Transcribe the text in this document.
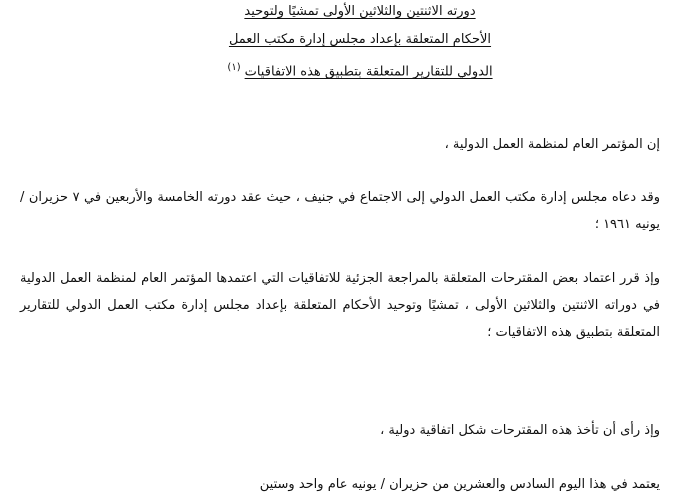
دورته الاثنتين والثلاثين الأولى تمشيًا ولتوحيد
الأحكام المتعلقة بإعداد مجلس إدارة مكتب العمل
الدولي للتقارير المتعلقة بتطبيق هذه الاتفاقيات$^{(١)}$

إن المؤتمر العام لمنظمة العمل الدولية ،

وقد دعاه مجلس إدارة مكتب العمل الدولي إلى الاجتماع في جنيف ، حيث عقد دورته الخامسة والأربعين في ٧ حزيران / يونيه ١٩٦١ ؛

وإذ قرر اعتماد بعض المقترحات المتعلقة بالمراجعة الجزئية للاتفاقيات التي اعتمدها المؤتمر العام لمنظمة العمل الدولية في دوراته الاثنتين والثلاثين الأولى ، تمشيًا وتوحيد الأحكام المتعلقة بإعداد مجلس إدارة مكتب العمل الدولي للتقارير المتعلقة بتطبيق هذه الاتفاقيات ؛

وإذ رأى أن تأخذ هذه المقترحات شكل اتفاقية دولية ،

يعتمد في هذا اليوم السادس والعشرين من حزيران / يونيه عام واحد وستين
